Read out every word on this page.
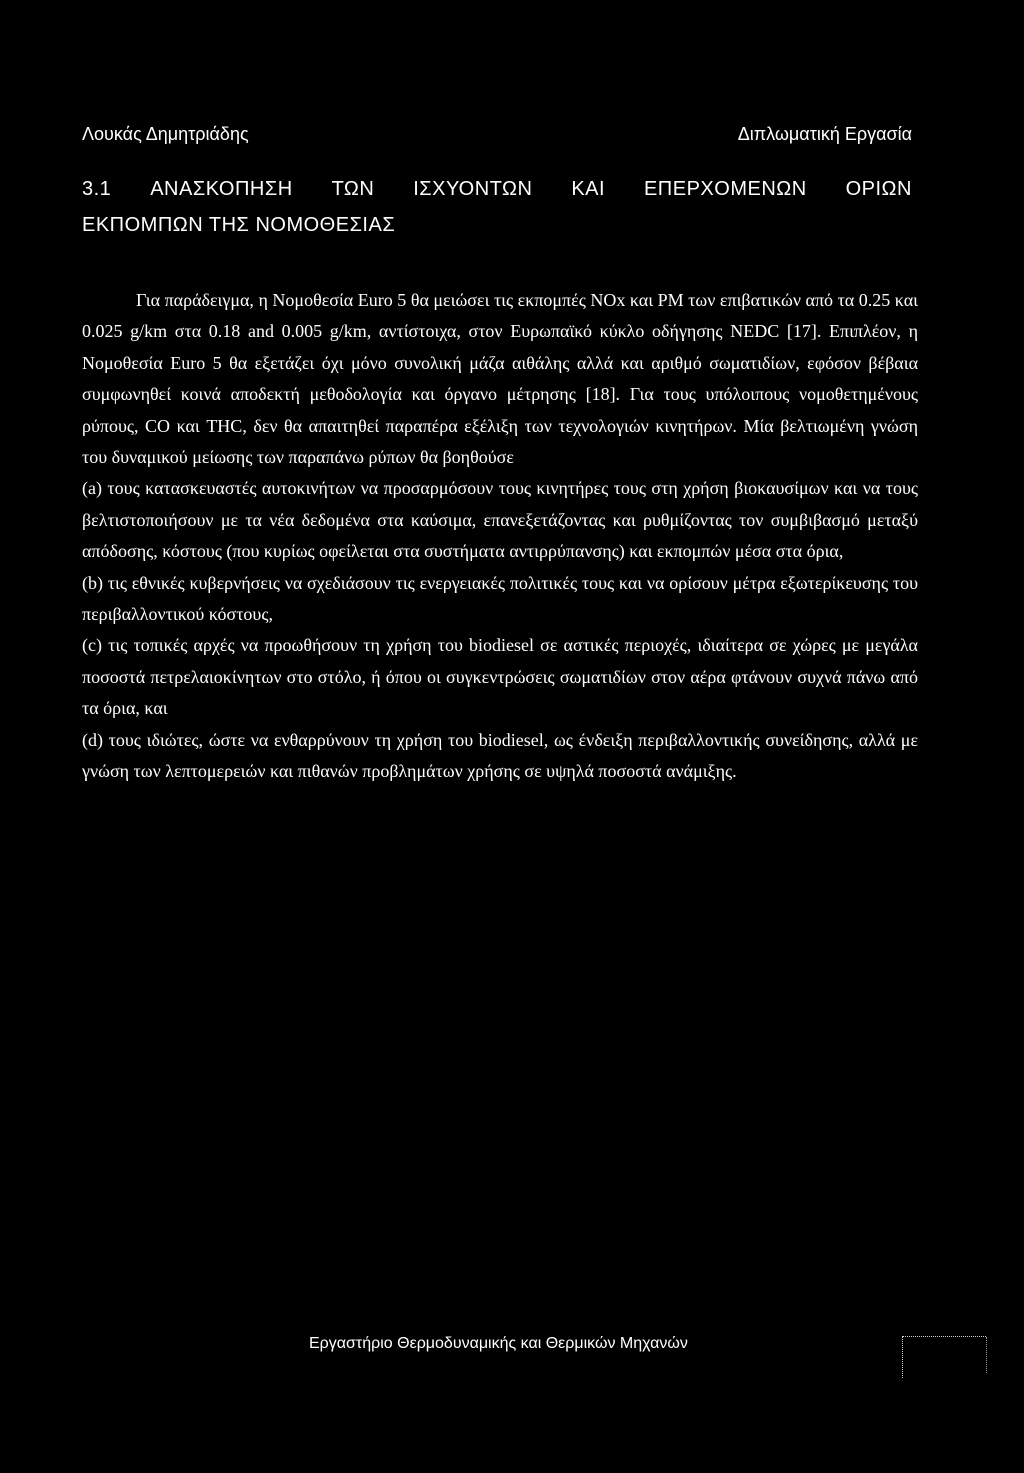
Λουκάς Δημητριάδης	Διπλωματική Εργασία
3.1 ΑΝΑΣΚΟΠΗΣΗ ΤΩΝ ΙΣΧΥΟΝΤΩΝ ΚΑΙ ΕΠΕΡΧΟΜΕΝΩΝ ΟΡΙΩΝ
ΕΚΠΟΜΠΩΝ ΤΗΣ ΝΟΜΟΘΕΣΙΑΣ

Για παράδειγμα, η Νομοθεσία Euro 5 θα μειώσει τις εκπομπές NOx και PM των επιβατικών από τα 0.25 και 0.025 g/km στα 0.18 and 0.005 g/km, αντίστοιχα, στον Ευρωπαϊκό κύκλο οδήγησης NEDC [17]. Επιπλέον, η Νομοθεσία Euro 5 θα εξετάζει όχι μόνο συνολική μάζα αιθάλης αλλά και αριθμό σωματιδίων, εφόσον βέβαια συμφωνηθεί κοινά αποδεκτή μεθοδολογία και όργανο μέτρησης [18]. Για τους υπόλοιπους νομοθετημένους ρύπους, CO και THC, δεν θα απαιτηθεί παραπέρα εξέλιξη των τεχνολογιών κινητήρων. Μία βελτιωμένη γνώση του δυναμικού μείωσης των παραπάνω ρύπων θα βοηθούσε

(a) τους κατασκευαστές αυτοκινήτων να προσαρμόσουν τους κινητήρες τους στη χρήση βιοκαυσίμων και να τους βελτιστοποιήσουν με τα νέα δεδομένα στα καύσιμα, επανεξετάζοντας και ρυθμίζοντας τον συμβιβασμό μεταξύ απόδοσης, κόστους (που κυρίως οφείλεται στα συστήματα αντιρρύπανσης) και εκπομπών μέσα στα όρια,

(b) τις εθνικές κυβερνήσεις να σχεδιάσουν τις ενεργειακές πολιτικές τους και να ορίσουν μέτρα εξωτερίκευσης του περιβαλλοντικού κόστους,

(c) τις τοπικές αρχές να προωθήσουν τη χρήση του biodiesel σε αστικές περιοχές, ιδιαίτερα σε χώρες με μεγάλα ποσοστά πετρελαιοκίνητων στο στόλο, ή όπου οι συγκεντρώσεις σωματιδίων στον αέρα φτάνουν συχνά πάνω από τα όρια, και

(d) τους ιδιώτες, ώστε να ενθαρρύνουν τη χρήση του biodiesel, ως ένδειξη περιβαλλοντικής συνείδησης, αλλά με γνώση των λεπτομερειών και πιθανών προβλημάτων χρήσης σε υψηλά ποσοστά ανάμιξης.

Εργαστήριο Θερμοδυναμικής και Θερμικών Μηχανών
